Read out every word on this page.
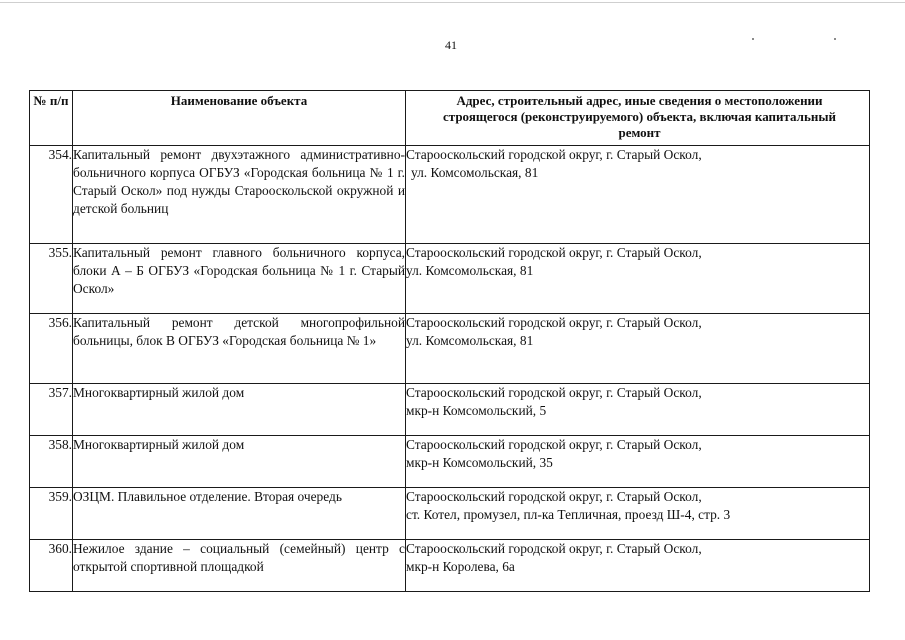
41
№ п/п	Наименование объекта	Адрес, строительный адрес, иные сведения о местоположении строящегося (реконструируемого) объекта, включая капитальный ремонт
354.	Капитальный ремонт двухэтажного административно-больничного корпуса ОГБУЗ «Городская больница № 1 г. Старый Оскол» под нужды Старооскольской окружной и детской больниц	Старооскольский городской округ, г. Старый Оскол,
ул. Комсомольская, 81

355.	Капитальный ремонт главного больничного корпуса, блоки А – Б ОГБУЗ «Городская больница № 1 г. Старый Оскол»	Старооскольский городской округ, г. Старый Оскол,
ул. Комсомольская, 81

356.	Капитальный ремонт детской многопрофильной больницы, блок В ОГБУЗ «Городская больница № 1»	Старооскольский городской округ, г. Старый Оскол,
ул. Комсомольская, 81

357.	Многоквартирный жилой дом	Старооскольский городской округ, г. Старый Оскол,
мкр-н Комсомольский, 5

358.	Многоквартирный жилой дом	Старооскольский городской округ, г. Старый Оскол,
мкр-н Комсомольский, 35

359.	ОЗЦМ. Плавильное отделение. Вторая очередь	Старооскольский городской округ, г. Старый Оскол,
ст. Котел, промузел, пл-ка Тепличная, проезд Ш-4, стр. 3

360.	Нежилое здание – социальный (семейный) центр с открытой спортивной площадкой	Старооскольский городской округ, г. Старый Оскол,
мкр-н Королева, 6а
